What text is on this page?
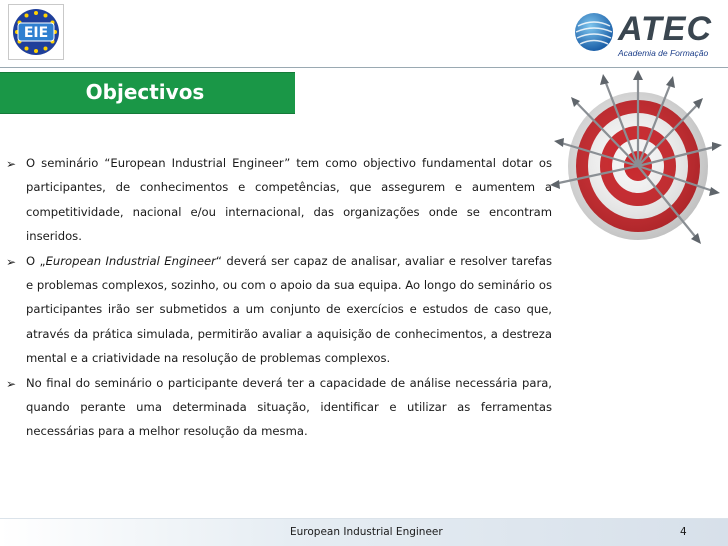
EIE	ATEC
Academia de Formação
Objectivos
➢ O seminário “European Industrial Engineer” tem como objectivo fundamental dotar os participantes, de conhecimentos e competências, que assegurem e aumentem a competitividade, nacional e/ou internacional, das organizações onde se encontram inseridos.
➢ O „European Industrial Engineer“ deverá ser capaz de analisar, avaliar e resolver tarefas e problemas complexos, sozinho, ou com o apoio da sua equipa. Ao longo do seminário os participantes irão ser submetidos a um conjunto de exercícios e estudos de caso que, através da prática simulada, permitirão avaliar a aquisição de conhecimentos, a destreza mental e a criatividade na resolução de problemas complexos.
➢ No final do seminário o participante deverá ter a capacidade de análise necessária para, quando perante uma determinada situação, identificar e utilizar as ferramentas necessárias para a melhor resolução da mesma.
European Industrial Engineer	4
